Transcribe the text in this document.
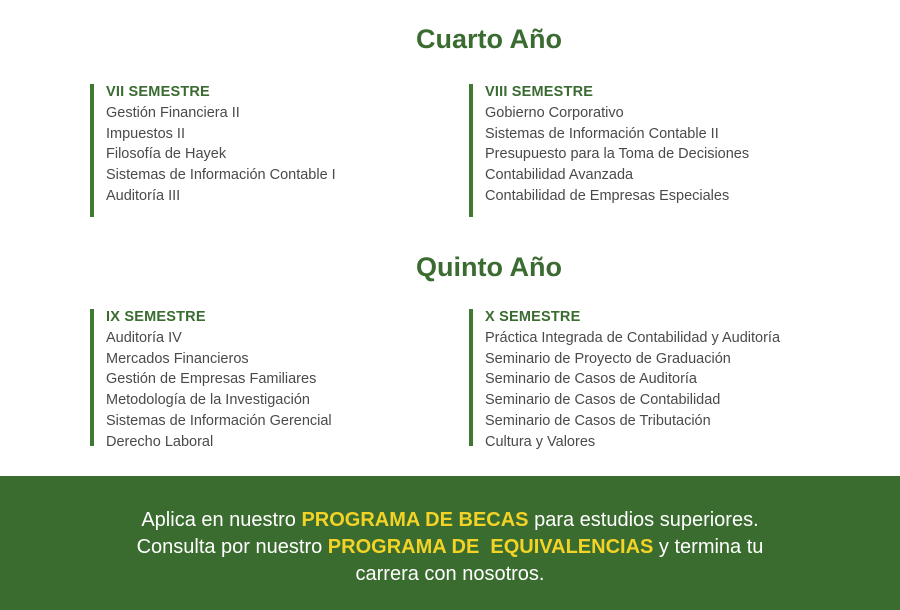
Cuarto Año
VII SEMESTRE
Gestión Financiera II
Impuestos II
Filosofía de Hayek
Sistemas de Información Contable I
Auditoría III
VIII SEMESTRE
Gobierno Corporativo
Sistemas de Información Contable II
Presupuesto para la Toma de Decisiones
Contabilidad Avanzada
Contabilidad de Empresas Especiales
Quinto Año
IX SEMESTRE
Auditoría IV
Mercados Financieros
Gestión de Empresas Familiares
Metodología de la Investigación
Sistemas de Información Gerencial
Derecho Laboral
X SEMESTRE
Práctica Integrada de Contabilidad y Auditoría
Seminario de Proyecto de Graduación
Seminario de Casos de Auditoría
Seminario de Casos de Contabilidad
Seminario de Casos de Tributación
Cultura y Valores

Aplica en nuestro PROGRAMA DE BECAS para estudios superiores.

Consulta por nuestro PROGRAMA DE  EQUIVALENCIAS y termina tu

carrera con nosotros.
